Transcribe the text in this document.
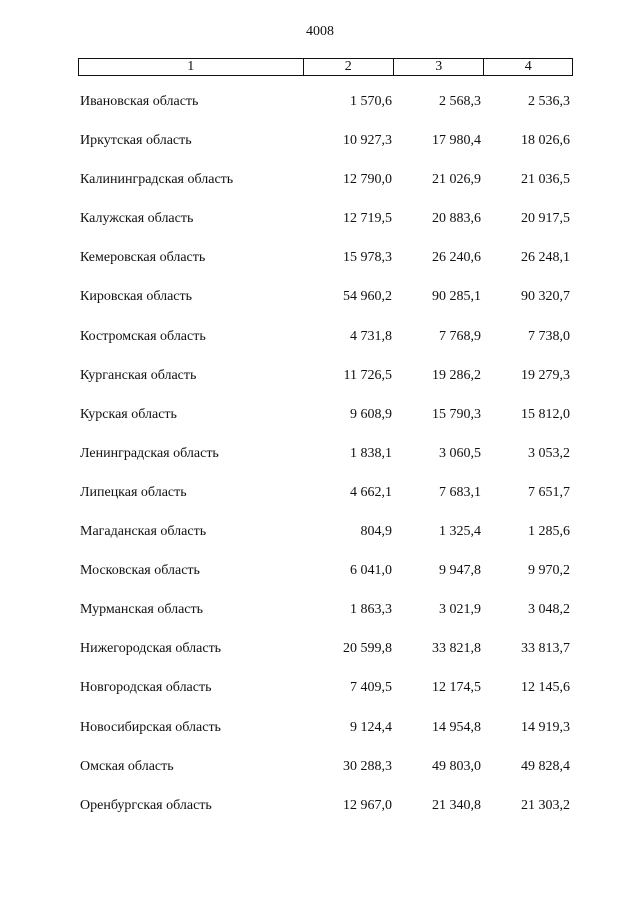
4008
1	2	3	4
Ивановская область	1 570,6	2 568,3	2 536,3
Иркутская область	10 927,3	17 980,4	18 026,6
Калининградская область	12 790,0	21 026,9	21 036,5
Калужская область	12 719,5	20 883,6	20 917,5
Кемеровская область	15 978,3	26 240,6	26 248,1
Кировская область	54 960,2	90 285,1	90 320,7
Костромская область	4 731,8	7 768,9	7 738,0
Курганская область	11 726,5	19 286,2	19 279,3
Курская область	9 608,9	15 790,3	15 812,0
Ленинградская область	1 838,1	3 060,5	3 053,2
Липецкая область	4 662,1	7 683,1	7 651,7
Магаданская область	804,9	1 325,4	1 285,6
Московская область	6 041,0	9 947,8	9 970,2
Мурманская область	1 863,3	3 021,9	3 048,2
Нижегородская область	20 599,8	33 821,8	33 813,7
Новгородская область	7 409,5	12 174,5	12 145,6
Новосибирская область	9 124,4	14 954,8	14 919,3
Омская область	30 288,3	49 803,0	49 828,4
Оренбургская область	12 967,0	21 340,8	21 303,2
